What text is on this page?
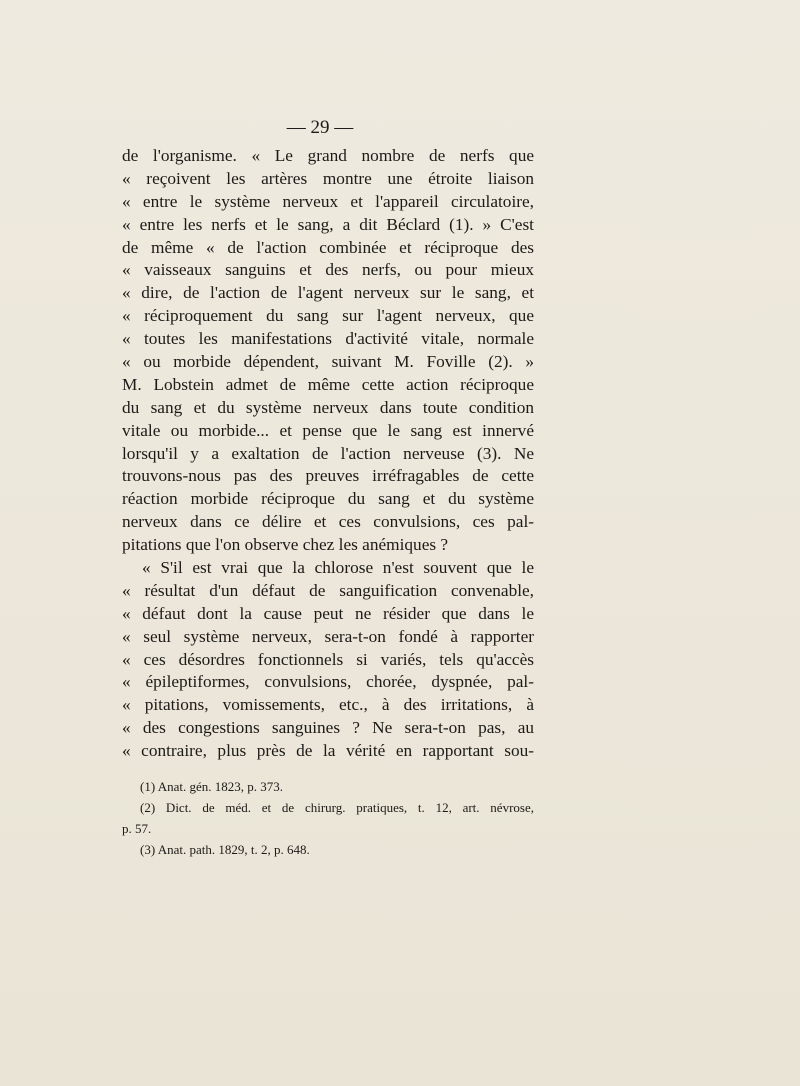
— 29 —
de l'organisme. « Le grand nombre de nerfs que
« reçoivent les artères montre une étroite liaison
« entre le système nerveux et l'appareil circulatoire,
« entre les nerfs et le sang, a dit Béclard (1). » C'est
de même « de l'action combinée et réciproque des
« vaisseaux sanguins et des nerfs, ou pour mieux
« dire, de l'action de l'agent nerveux sur le sang, et
« réciproquement du sang sur l'agent nerveux, que
« toutes les manifestations d'activité vitale, normale
« ou morbide dépendent, suivant M. Foville (2). »
M. Lobstein admet de même cette action réciproque
du sang et du système nerveux dans toute condition
vitale ou morbide... et pense que le sang est innervé
lorsqu'il y a exaltation de l'action nerveuse (3). Ne
trouvons-nous pas des preuves irréfragables de cette
réaction morbide réciproque du sang et du système
nerveux dans ce délire et ces convulsions, ces pal-
pitations que l'on observe chez les anémiques ?
« S'il est vrai que la chlorose n'est souvent que le
« résultat d'un défaut de sanguification convenable,
« défaut dont la cause peut ne résider que dans le
« seul système nerveux, sera-t-on fondé à rapporter
« ces désordres fonctionnels si variés, tels qu'accès
« épileptiformes, convulsions, chorée, dyspnée, pal-
« pitations, vomissements, etc., à des irritations, à
« des congestions sanguines ? Ne sera-t-on pas, au
« contraire, plus près de la vérité en rapportant sou-
(1) Anat. gén. 1823, p. 373.
(2) Dict. de méd. et de chirurg. pratiques, t. 12, art. névrose,
p. 57.
(3) Anat. path. 1829, t. 2, p. 648.
